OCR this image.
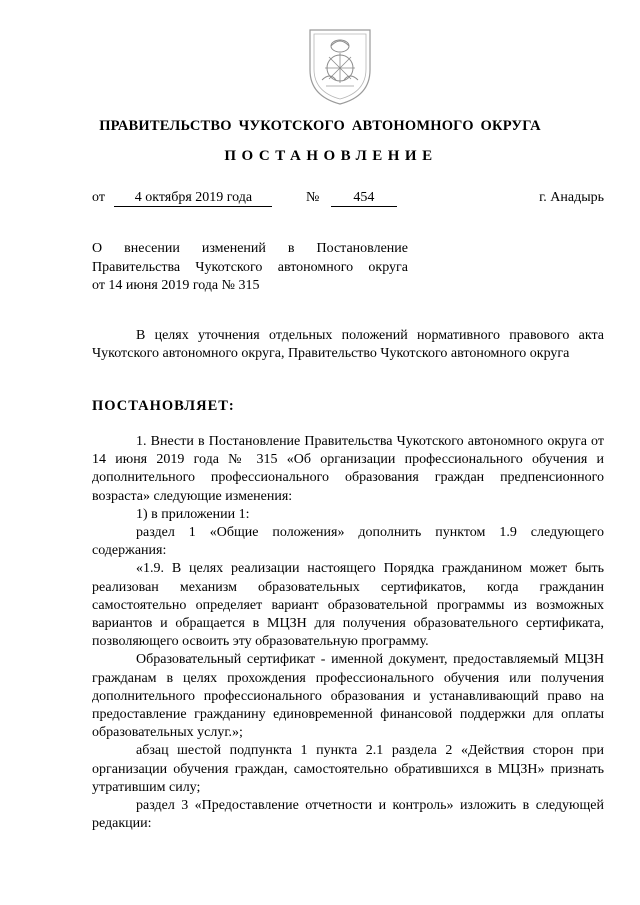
ПРАВИТЕЛЬСТВО ЧУКОТСКОГО АВТОНОМНОГО ОКРУГА
ПОСТАНОВЛЕНИЕ
от 4 октября 2019 года	№ 454	г. Анадырь
О внесении изменений в Постановление
Правительства Чукотского автономного округа
от 14 июня 2019 года № 315

В целях уточнения отдельных положений нормативного правового акта Чукотского автономного округа, Правительство Чукотского автономного округа

ПОСТАНОВЛЯЕТ:

1. Внести в Постановление Правительства Чукотского автономного округа от 14 июня 2019 года № 315 «Об организации профессионального обучения и дополнительного профессионального образования граждан предпенсионного возраста» следующие изменения:

1) в приложении 1:

раздел 1 «Общие положения» дополнить пунктом 1.9 следующего содержания:

«1.9. В целях реализации настоящего Порядка гражданином может быть реализован механизм образовательных сертификатов, когда гражданин самостоятельно определяет вариант образовательной программы из возможных вариантов и обращается в МЦЗН для получения образовательного сертификата, позволяющего освоить эту образовательную программу.

Образовательный сертификат - именной документ, предоставляемый МЦЗН гражданам в целях прохождения профессионального обучения или получения дополнительного профессионального образования и устанавливающий право на предоставление гражданину единовременной финансовой поддержки для оплаты образовательных услуг.»;

абзац шестой подпункта 1 пункта 2.1 раздела 2 «Действия сторон при организации обучения граждан, самостоятельно обратившихся в МЦЗН» признать утратившим силу;

раздел 3 «Предоставление отчетности и контроль» изложить в следующей редакции:
